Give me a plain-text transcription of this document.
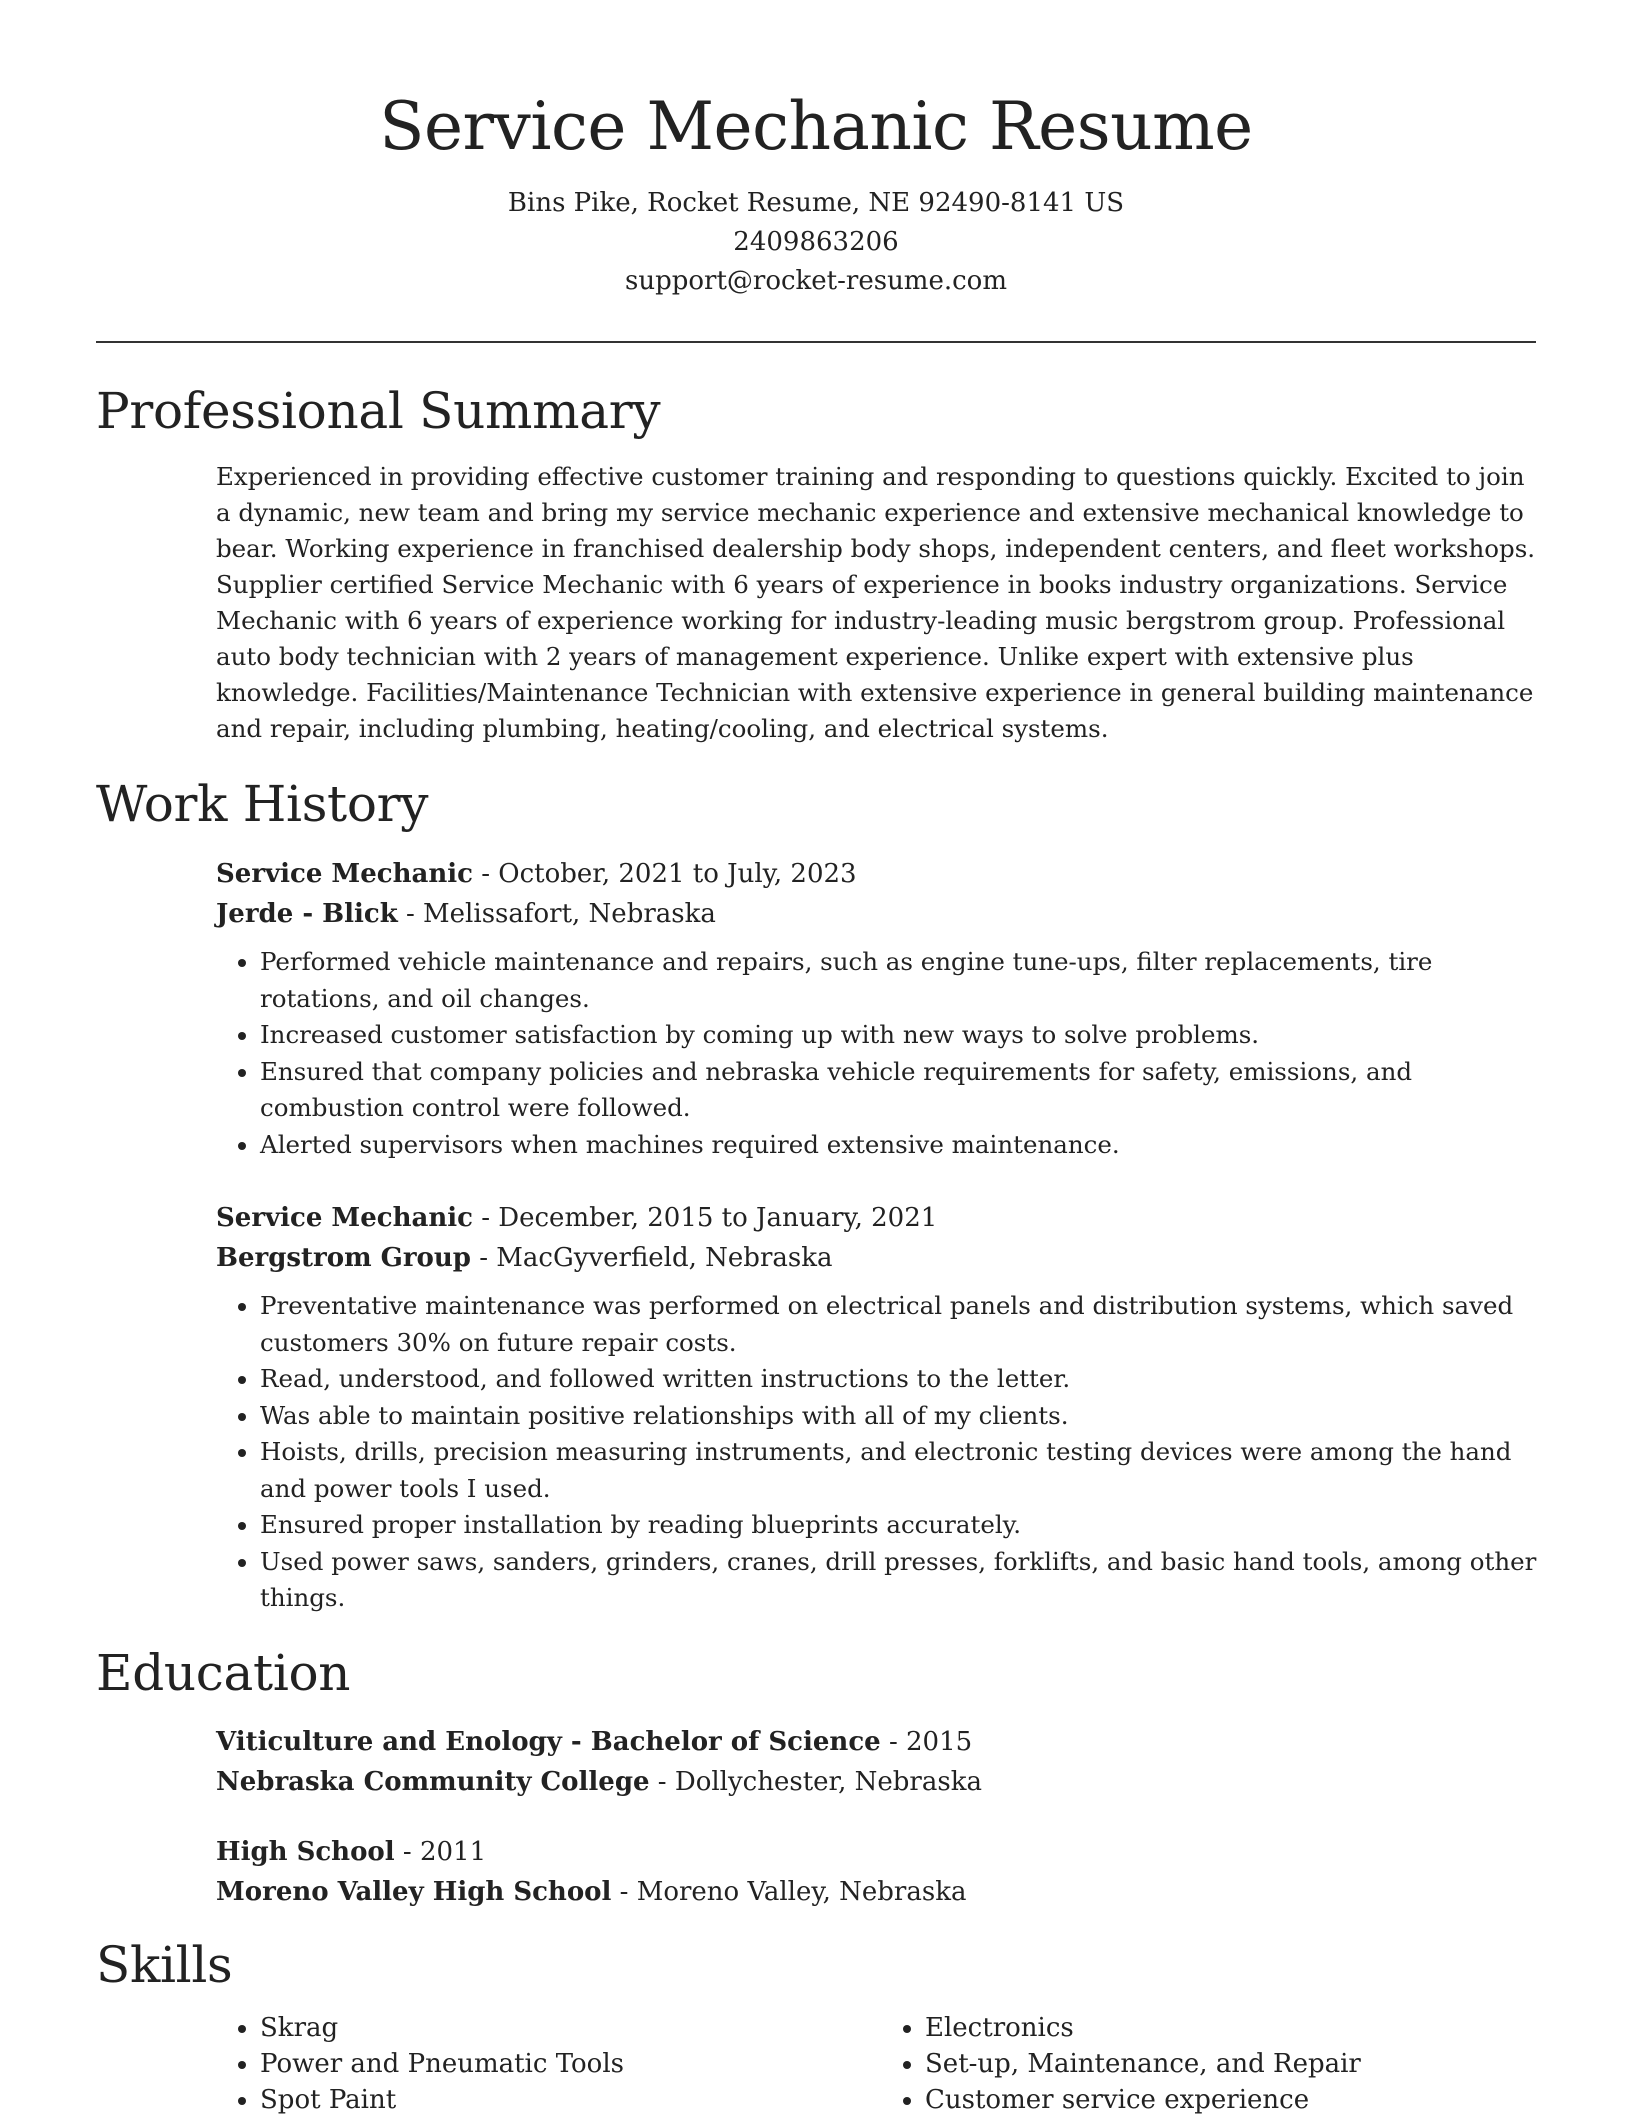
Service Mechanic Resume

Bins Pike, Rocket Resume, NE 92490-8141 US

2409863206

support@rocket-resume.com

Professional Summary

Experienced in providing effective customer training and responding to questions quickly. Excited to join a dynamic, new team and bring my service mechanic experience and extensive mechanical knowledge to bear. Working experience in franchised dealership body shops, independent centers, and fleet workshops. Supplier certified Service Mechanic with 6 years of experience in books industry organizations. Service Mechanic with 6 years of experience working for industry-leading music bergstrom group. Professional auto body technician with 2 years of management experience. Unlike expert with extensive plus knowledge. Facilities/Maintenance Technician with extensive experience in general building maintenance and repair, including plumbing, heating/cooling, and electrical systems.

Work History

Service Mechanic - October, 2021 to July, 2023

Jerde - Blick - Melissafort, Nebraska

• Performed vehicle maintenance and repairs, such as engine tune-ups, filter replacements, tire rotations, and oil changes.
• Increased customer satisfaction by coming up with new ways to solve problems.
• Ensured that company policies and nebraska vehicle requirements for safety, emissions, and combustion control were followed.
• Alerted supervisors when machines required extensive maintenance.

Service Mechanic - December, 2015 to January, 2021

Bergstrom Group - MacGyverfield, Nebraska

• Preventative maintenance was performed on electrical panels and distribution systems, which saved customers 30% on future repair costs.
• Read, understood, and followed written instructions to the letter.
• Was able to maintain positive relationships with all of my clients.
• Hoists, drills, precision measuring instruments, and electronic testing devices were among the hand and power tools I used.
• Ensured proper installation by reading blueprints accurately.
• Used power saws, sanders, grinders, cranes, drill presses, forklifts, and basic hand tools, among other things.
Education

Viticulture and Enology - Bachelor of Science - 2015

Nebraska Community College - Dollychester, Nebraska

High School - 2011

Moreno Valley High School - Moreno Valley, Nebraska

Skills
• Skrag
• Power and Pneumatic Tools
• Spot Paint
• Electronics
• Set-up, Maintenance, and Repair
• Customer service experience
